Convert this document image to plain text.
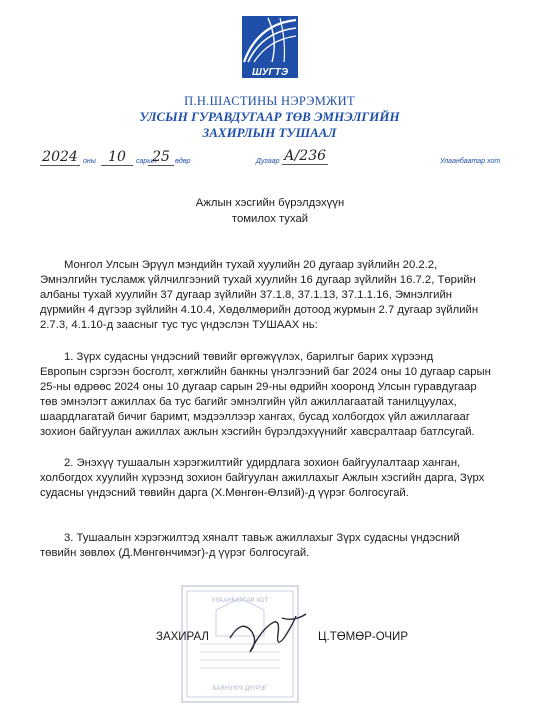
ШУГТЭ
П.Н.ШАСТИНЫ НЭРЭМЖИТ
УЛСЫН ГУРАВДУГААР ТӨВ ЭМНЭЛГИЙН
ЗАХИРЛЫН ТУШААЛ
2024 оны 10	сарын
25 өдөр	Дугаар А/236	Улаанбаатар хот
Ажлын хэсгийн бүрэлдэхүүн
томилох тухай
Монгол Улсын Эрүүл мэндийн тухай хуулийн 20 дугаар зүйлийн 20.2.2,
Эмнэлгийн тусламж үйлчилгээний тухай хуулийн 16 дугаар зүйлийн 16.7.2, Төрийн
албаны тухай хуулийн 37 дугаар зүйлийн 37.1.8, 37.1.13, 37.1.1.16, Эмнэлгийн
дүрмийн 4 дүгээр зүйлийн 4.10.4, Хөдөлмөрийн дотоод журмын 2.7 дугаар зүйлийн
2.7.3, 4.1.10-д заасныг тус тус үндэслэн ТУШААХ нь:
1. Зүрх судасны үндэсний төвийг өргөжүүлэх, барилгыг барих хүрээнд
Европын сэргээн босголт, хөгжлийн банкны үнэлгээний баг 2024 оны 10 дугаар сарын
25-ны өдрөөс 2024 оны 10 дугаар сарын 29-ны өдрийн хооронд Улсын гуравдугаар
төв эмнэлэгт ажиллах ба тус багийг эмнэлгийн үйл ажиллагаатай танилцуулах,
шаардлагатай бичиг баримт, мэдээллээр хангах, бусад холбогдох үйл ажиллагааг
зохион байгуулан ажиллах ажлын хэсгийн бүрэлдэхүүнийг хавсралтаар батлсугай.
2. Энэхүү тушаалын хэрэгжилтийг удирдлага зохион байгуулалтаар ханган,
холбогдох хуулийн хүрээнд зохион байгуулан ажиллахыг Ажлын хэсгийн дарга, Зүрх
судасны үндэсний төвийн дарга (Х.Мөнгөн-Өлзий)-д үүрэг болгосугай.
3. Тушаалын хэрэгжилтэд хяналт тавьж ажиллахыг Зүрх судасны үндэсний
төвийн зөвлөх (Д.Мөнгөнчимэг)-д үүрэг болгосугай.
УЛААНБААТАР ХОТ
БАЯНЗҮРХ ДҮҮРЭГ
ЗАХИРАЛ	Ц.ТӨМӨР-ОЧИР
